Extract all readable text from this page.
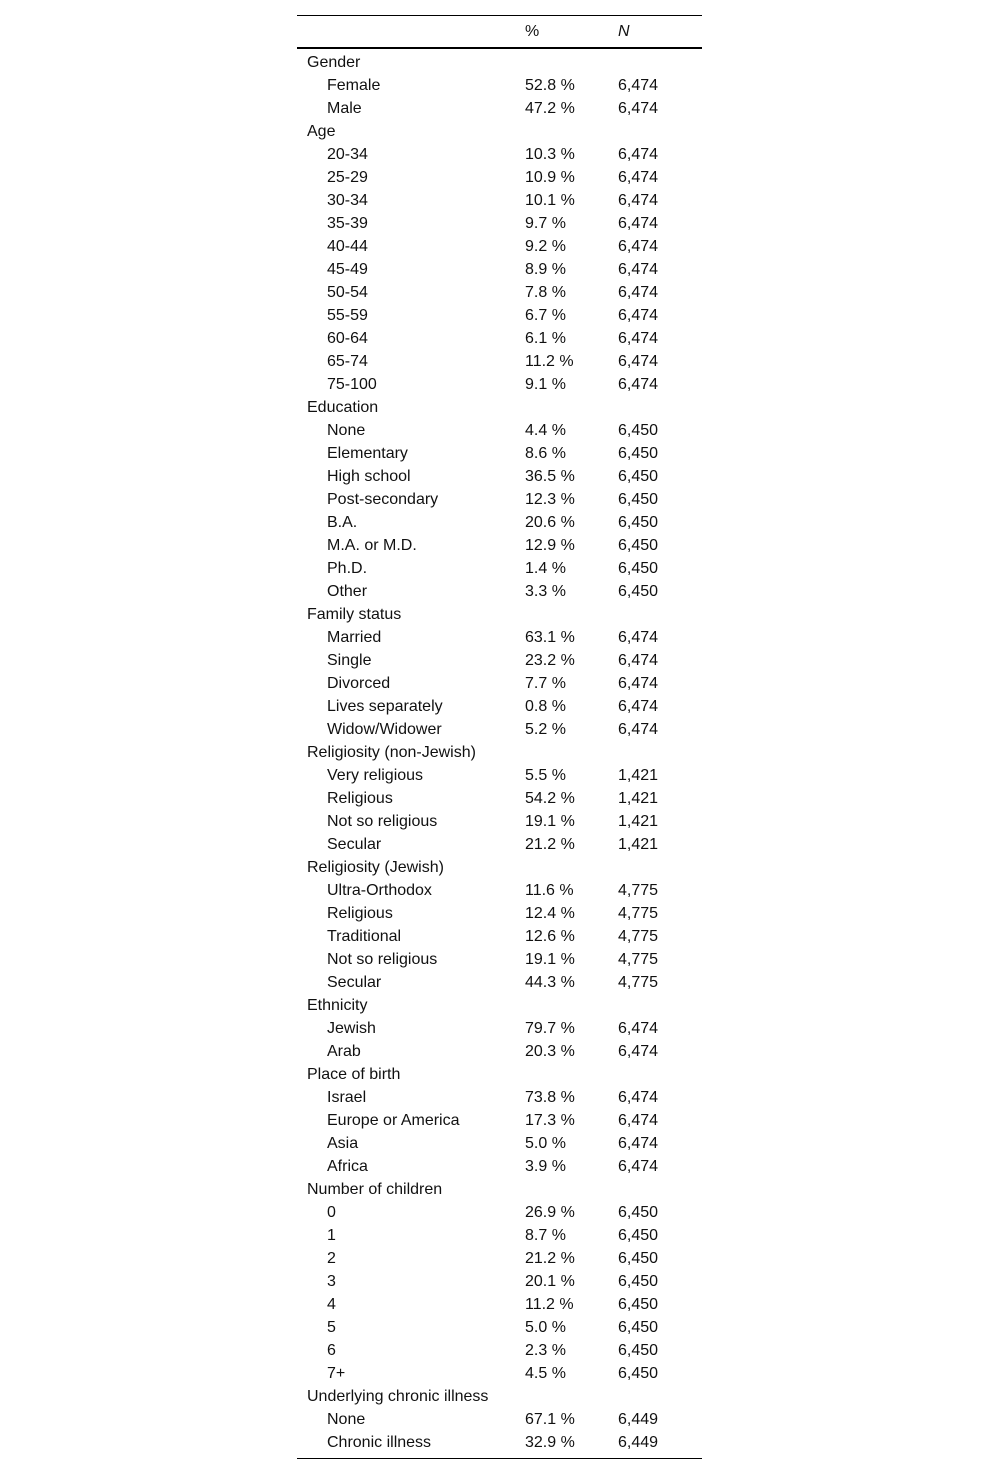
	%	N
Gender		
Female	52.8 %	6,474
Male	47.2 %	6,474
Age		
20-34	10.3 %	6,474
25-29	10.9 %	6,474
30-34	10.1 %	6,474
35-39	9.7 %	6,474
40-44	9.2 %	6,474
45-49	8.9 %	6,474
50-54	7.8 %	6,474
55-59	6.7 %	6,474
60-64	6.1 %	6,474
65-74	11.2 %	6,474
75-100	9.1 %	6,474
Education		
None	4.4 %	6,450
Elementary	8.6 %	6,450
High school	36.5 %	6,450
Post-secondary	12.3 %	6,450
B.A.	20.6 %	6,450
M.A. or M.D.	12.9 %	6,450
Ph.D.	1.4 %	6,450
Other	3.3 %	6,450
Family status		
Married	63.1 %	6,474
Single	23.2 %	6,474
Divorced	7.7 %	6,474
Lives separately	0.8 %	6,474
Widow/Widower	5.2 %	6,474
Religiosity (non-Jewish)		
Very religious	5.5 %	1,421
Religious	54.2 %	1,421
Not so religious	19.1 %	1,421
Secular	21.2 %	1,421
Religiosity (Jewish)		
Ultra-Orthodox	11.6 %	4,775
Religious	12.4 %	4,775
Traditional	12.6 %	4,775
Not so religious	19.1 %	4,775
Secular	44.3 %	4,775
Ethnicity		
Jewish	79.7 %	6,474
Arab	20.3 %	6,474
Place of birth		
Israel	73.8 %	6,474
Europe or America	17.3 %	6,474
Asia	5.0 %	6,474
Africa	3.9 %	6,474
Number of children		
0	26.9 %	6,450
1	8.7 %	6,450
2	21.2 %	6,450
3	20.1 %	6,450
4	11.2 %	6,450
5	5.0 %	6,450
6	2.3 %	6,450
7+	4.5 %	6,450
Underlying chronic illness		
None	67.1 %	6,449
Chronic illness	32.9 %	6,449
